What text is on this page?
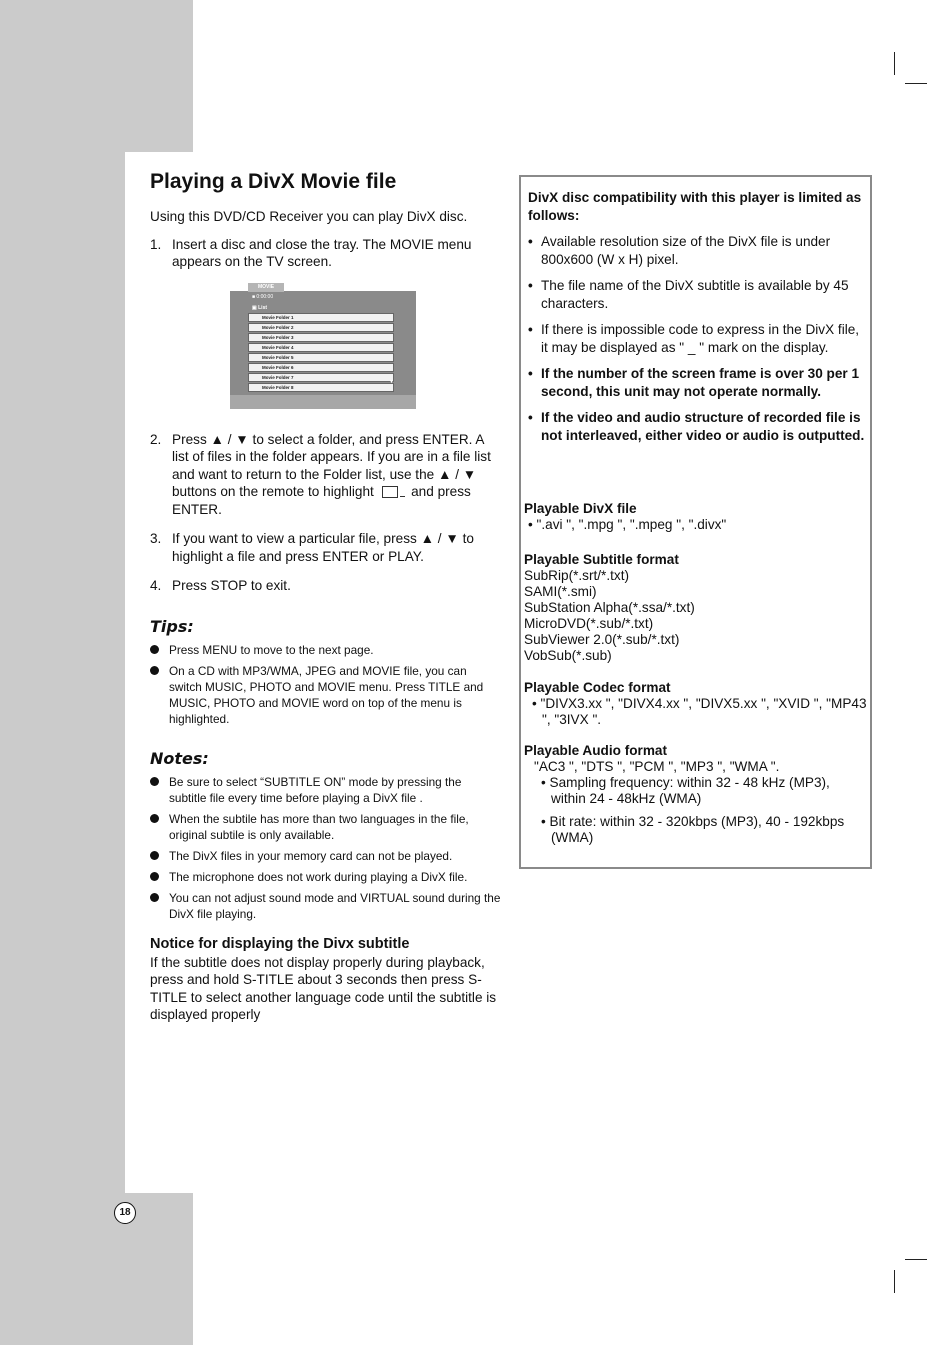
18
Playing a DivX Movie file

Using this DVD/CD Receiver you can play DivX disc.

1. Insert a disc and close the tray. The MOVIE menu appears on the TV screen.
MOVIE
■ 0:00:00
▣ List
Movie Folder 1
Movie Folder 2
Movie Folder 3
Movie Folder 4
Movie Folder 5
Movie Folder 6
Movie Folder 7
Movie Folder 8
▼
2. Press ▲ / ▼ to select a folder, and press ENTER. A list of files in the folder appears. If you are in a file list and want to return to the Folder list, use the ▲ / ▼ buttons on the remote to highlight	and press ENTER.
3. If you want to view a particular file, press ▲ / ▼ to highlight a file and press ENTER or PLAY.
4. Press STOP to exit.
Tips:
Press MENU to move to the next page.
On a CD with MP3/WMA, JPEG and MOVIE file, you can switch MUSIC, PHOTO and MOVIE menu. Press TITLE and MUSIC, PHOTO and MOVIE word on top of the menu is highlighted.
Notes:
Be sure to select “SUBTITLE ON” mode by pressing the subtitle file every time before playing a DivX file .
When the subtile has more than two languages in the file, original subtile is only available.
The DivX files in your memory card can not be played.
The microphone does not work during playing a DivX file.
You can not adjust sound mode and VIRTUAL sound during the DivX file playing.
Notice for displaying the Divx subtitle

If the subtitle does not display properly during playback, press and hold S-TITLE about 3 seconds then press S-TITLE to select another language code until the subtitle is displayed properly

DivX disc compatibility with this player is limited as follows:

• Available resolution size of the DivX file is under 800x600 (W x H) pixel.
• The file name of the DivX subtitle is available by 45 characters.
• If there is impossible code to express in the DivX file, it may be displayed as " _ " mark on the display.
• If the number of the screen frame is over 30 per 1 second, this unit may not operate normally.
• If the video and audio structure of recorded file is not interleaved, either video or audio is outputted.
Playable DivX file
• ".avi ", ".mpg ", ".mpeg ", ".divx"
Playable Subtitle format
SubRip(*.srt/*.txt)
SAMI(*.smi)
SubStation Alpha(*.ssa/*.txt)
MicroDVD(*.sub/*.txt)
SubViewer 2.0(*.sub/*.txt)
VobSub(*.sub)
Playable Codec format
• "DIVX3.xx ", "DIVX4.xx ", "DIVX5.xx ", "XVID ", "MP43 ", "3IVX ".
Playable Audio format
"AC3 ", "DTS ", "PCM ", "MP3 ", "WMA ".
• Sampling frequency: within 32 - 48 kHz (MP3), within 24 - 48kHz (WMA)
• Bit rate: within 32 - 320kbps (MP3), 40 - 192kbps (WMA)
